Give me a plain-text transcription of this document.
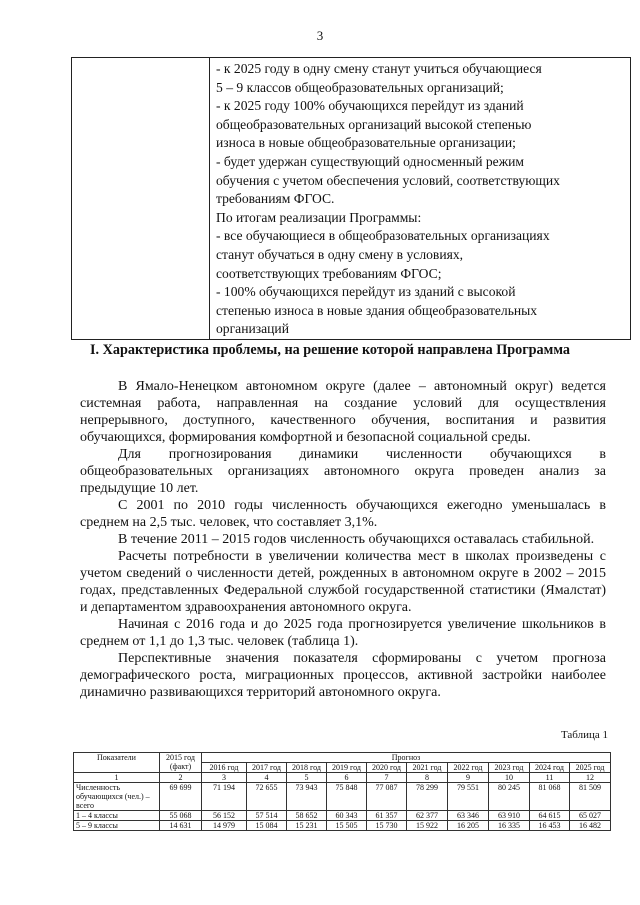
3

- к 2025 году в одну смену станут учиться обучающиеся
5 – 9 классов общеобразовательных организаций;
- к 2025 году 100% обучающихся перейдут из зданий
общеобразовательных организаций высокой степенью
износа в новые общеобразовательные организации;
- будет удержан существующий односменный режим
обучения с учетом обеспечения условий, соответствующих
требованиям ФГОС.
По итогам реализации Программы:
- все обучающиеся в общеобразовательных организациях
станут обучаться в одну смену в условиях,
соответствующих требованиям ФГОС;
- 100% обучающихся перейдут из зданий с высокой
степенью износа в новые здания общеобразовательных
организаций
I. Характеристика проблемы, на решение которой направлена Программа

В Ямало-Ненецком автономном округе (далее – автономный округ) ведется системная работа, направленная на создание условий для осуществления непрерывного, доступного, качественного обучения, воспитания и развития обучающихся, формирования комфортной и безопасной социальной среды.

Для прогнозирования динамики численности обучающихся в общеобразовательных организациях автономного округа проведен анализ за предыдущие 10 лет.

С 2001 по 2010 годы численность обучающихся ежегодно уменьшалась в среднем на 2,5 тыс. человек, что составляет 3,1%.

В течение 2011 – 2015 годов численность обучающихся оставалась стабильной.

Расчеты потребности в увеличении количества мест в школах произведены с учетом сведений о численности детей, рожденных в автономном округе в 2002 – 2015 годах, представленных Федеральной службой государственной статистики (Ямалстат) и департаментом здравоохранения автономного округа.

Начиная с 2016 года и до 2025 года прогнозируется увеличение школьников в среднем от 1,1 до 1,3 тыс. человек (таблица 1).

Перспективные значения показателя сформированы с учетом прогноза демографического роста, миграционных процессов, активной застройки наиболее динамично развивающихся территорий автономного округа.

Таблица 1
Показатели	2015 год (факт)	Прогноз									
		2016 год	2017 год	2018 год	2019 год	2020 год	2021 год	2022 год	2023 год	2024 год	2025 год
1	2	3	4	5	6	7	8	9	10	11	12
Численность обучающихся (чел.) – всего	69 699	71 194	72 655	73 943	75 848	77 087	78 299	79 551	80 245	81 068	81 509
1 – 4 классы	55 068	56 152	57 514	58 652	60 343	61 357	62 377	63 346	63 910	64 615	65 027
5 – 9 классы	14 631	14 979	15 084	15 231	15 505	15 730	15 922	16 205	16 335	16 453	16 482
